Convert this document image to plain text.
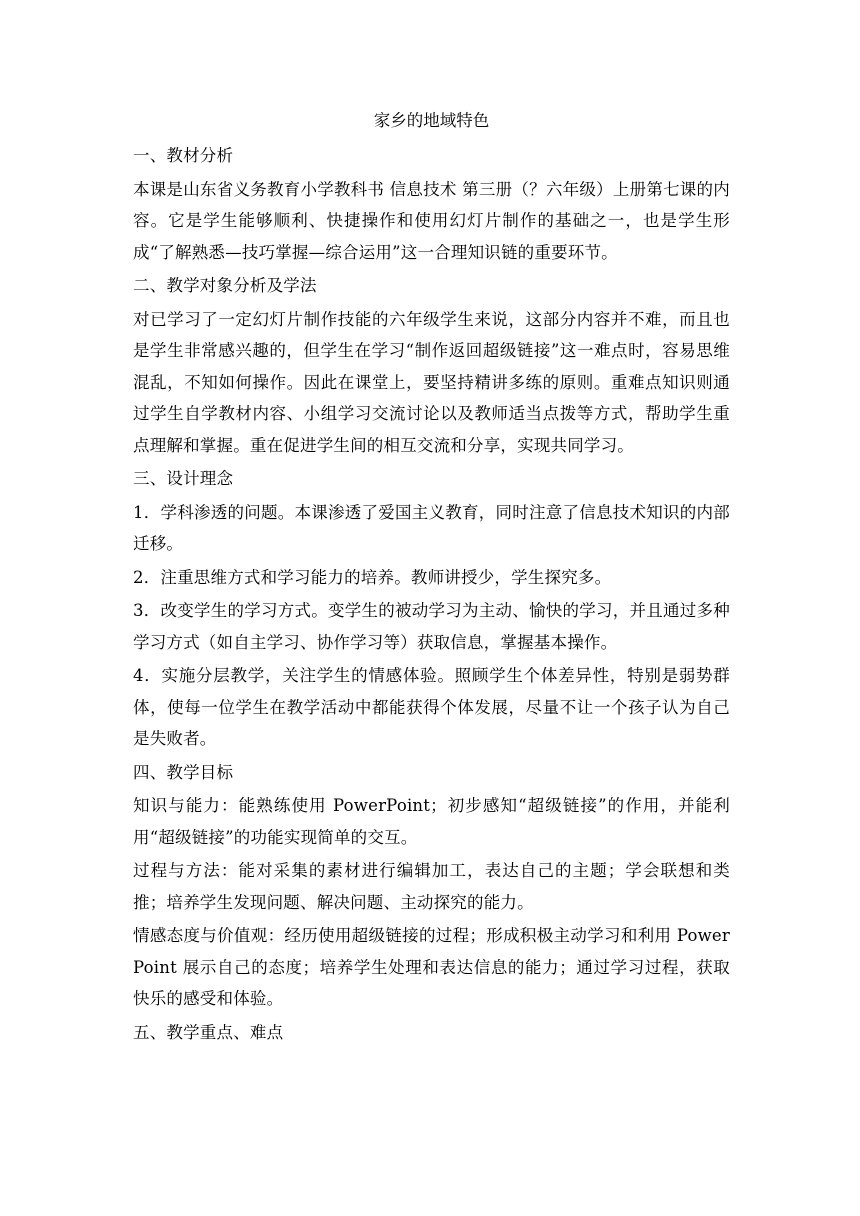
家乡的地域特色
一、教材分析
本课是山东省义务教育小学教科书 信息技术 第三册（？六年级）上册第七课的内容。它是学生能够顺利、快捷操作和使用幻灯片制作的基础之一，也是学生形成“了解熟悉—技巧掌握—综合运用”这一合理知识链的重要环节。
二、教学对象分析及学法
对已学习了一定幻灯片制作技能的六年级学生来说，这部分内容并不难，而且也是学生非常感兴趣的，但学生在学习“制作返回超级链接”这一难点时，容易思维混乱，不知如何操作。因此在课堂上，要坚持精讲多练的原则。重难点知识则通过学生自学教材内容、小组学习交流讨论以及教师适当点拨等方式，帮助学生重点理解和掌握。重在促进学生间的相互交流和分享，实现共同学习。
三、设计理念
1．学科渗透的问题。本课渗透了爱国主义教育，同时注意了信息技术知识的内部迁移。
2．注重思维方式和学习能力的培养。教师讲授少，学生探究多。
3．改变学生的学习方式。变学生的被动学习为主动、愉快的学习，并且通过多种学习方式（如自主学习、协作学习等）获取信息，掌握基本操作。
4．实施分层教学，关注学生的情感体验。照顾学生个体差异性，特别是弱势群体，使每一位学生在教学活动中都能获得个体发展，尽量不让一个孩子认为自己是失败者。
四、教学目标
知识与能力：能熟练使用 PowerPoint；初步感知“超级链接”的作用，并能利用“超级链接”的功能实现简单的交互。
过程与方法：能对采集的素材进行编辑加工，表达自己的主题；学会联想和类推；培养学生发现问题、解决问题、主动探究的能力。
情感态度与价值观：经历使用超级链接的过程；形成积极主动学习和利用 PowerPoint 展示自己的态度；培养学生处理和表达信息的能力；通过学习过程，获取快乐的感受和体验。
五、教学重点、难点
